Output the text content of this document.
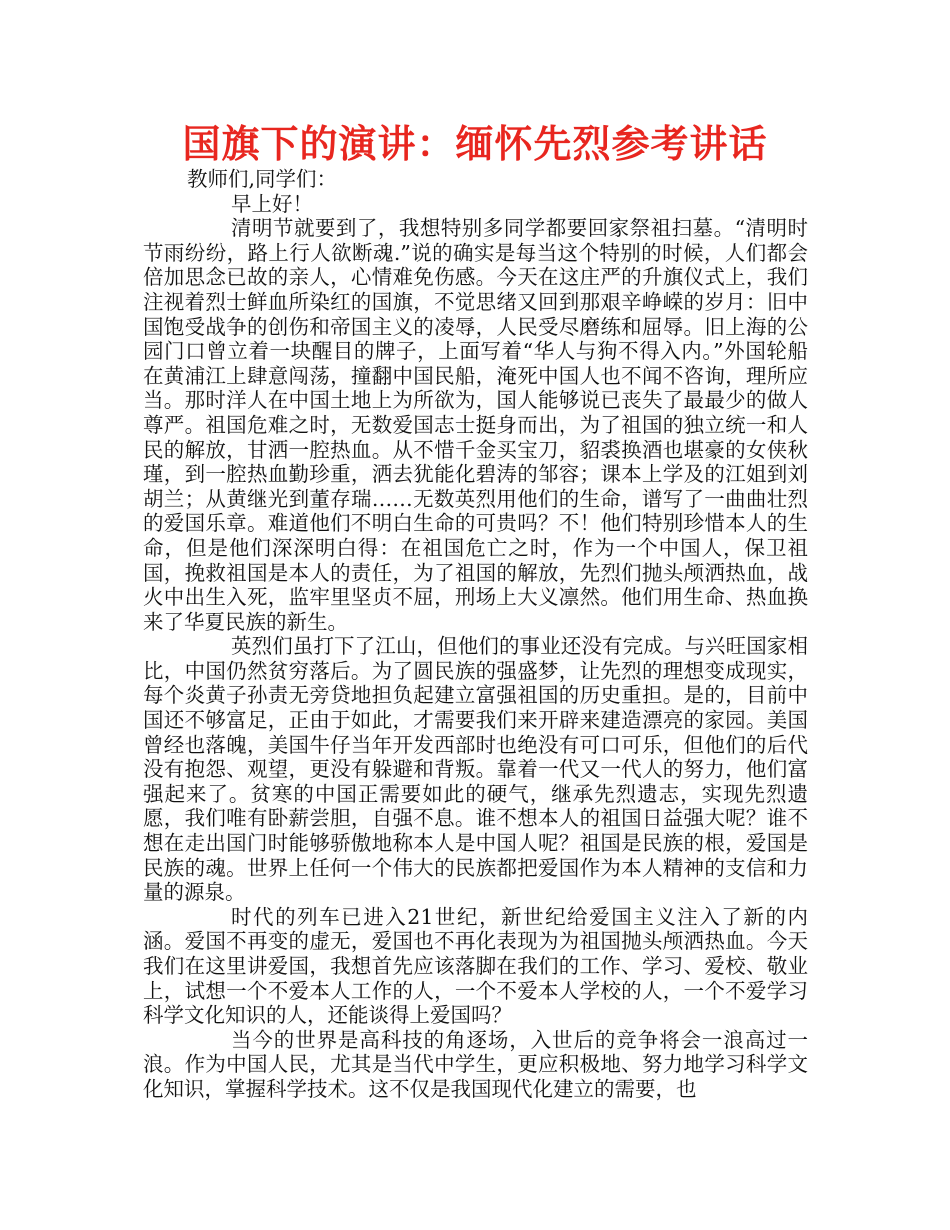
国旗下的演讲：缅怀先烈参考讲话

教师们,同学们：

早上好！

清明节就要到了，我想特别多同学都要回家祭祖扫墓。“清明时节雨纷纷，路上行人欲断魂.”说的确实是每当这个特别的时候，人们都会倍加思念已故的亲人，心情难免伤感。今天在这庄严的升旗仪式上，我们注视着烈士鲜血所染红的国旗，不觉思绪又回到那艰辛峥嵘的岁月：旧中国饱受战争的创伤和帝国主义的凌辱，人民受尽磨练和屈辱。旧上海的公园门口曾立着一块醒目的牌子，上面写着“华人与狗不得入内。”外国轮船在黄浦江上肆意闯荡，撞翻中国民船，淹死中国人也不闻不咨询，理所应当。那时洋人在中国土地上为所欲为，国人能够说已丧失了最最少的做人尊严。祖国危难之时，无数爱国志士挺身而出，为了祖国的独立统一和人民的解放，甘洒一腔热血。从不惜千金买宝刀，貂裘换酒也堪豪的女侠秋瑾，到一腔热血勤珍重，洒去犹能化碧涛的邹容；课本上学及的江姐到刘胡兰；从黄继光到董存瑞……无数英烈用他们的生命，谱写了一曲曲壮烈的爱国乐章。难道他们不明白生命的可贵吗？不！他们特别珍惜本人的生命，但是他们深深明白得：在祖国危亡之时，作为一个中国人，保卫祖国，挽救祖国是本人的责任，为了祖国的解放，先烈们抛头颅洒热血，战火中出生入死，监牢里坚贞不屈，刑场上大义凛然。他们用生命、热血换来了华夏民族的新生。

英烈们虽打下了江山，但他们的事业还没有完成。与兴旺国家相比，中国仍然贫穷落后。为了圆民族的强盛梦，让先烈的理想变成现实，每个炎黄子孙责无旁贷地担负起建立富强祖国的历史重担。是的，目前中国还不够富足，正由于如此，才需要我们来开辟来建造漂亮的家园。美国曾经也落魄，美国牛仔当年开发西部时也绝没有可口可乐，但他们的后代没有抱怨、观望，更没有躲避和背叛。靠着一代又一代人的努力，他们富强起来了。贫寒的中国正需要如此的硬气，继承先烈遗志，实现先烈遗愿，我们唯有卧薪尝胆，自强不息。谁不想本人的祖国日益强大呢？谁不想在走出国门时能够骄傲地称本人是中国人呢？祖国是民族的根，爱国是民族的魂。世界上任何一个伟大的民族都把爱国作为本人精神的支信和力量的源泉。

时代的列车已进入21世纪，新世纪给爱国主义注入了新的内涵。爱国不再变的虚无，爱国也不再化表现为为祖国抛头颅洒热血。今天我们在这里讲爱国，我想首先应该落脚在我们的工作、学习、爱校、敬业上，试想一个不爱本人工作的人，一个不爱本人学校的人，一个不爱学习科学文化知识的人，还能谈得上爱国吗？

当今的世界是高科技的角逐场，入世后的竞争将会一浪高过一浪。作为中国人民，尤其是当代中学生，更应积极地、努力地学习科学文化知识，掌握科学技术。这不仅是我国现代化建立的需要，也
